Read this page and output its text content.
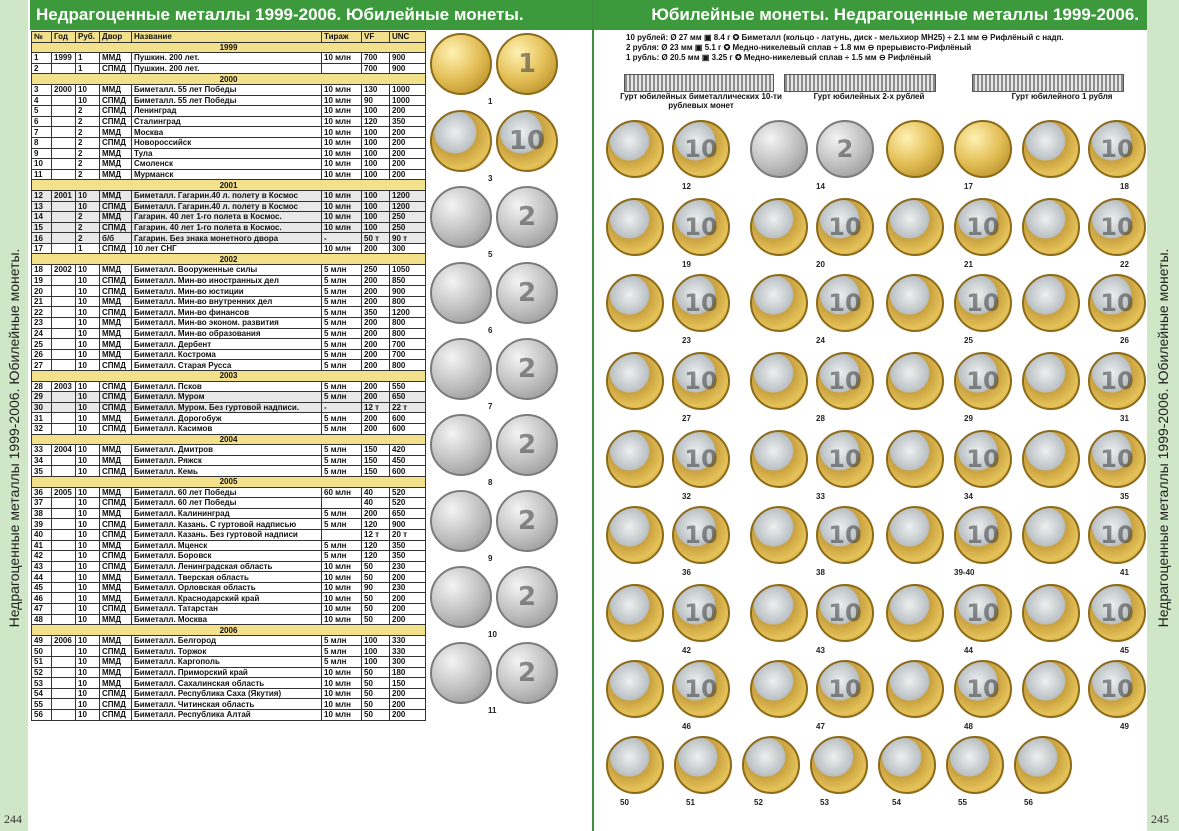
Недрагоценные металлы 1999-2006. Юбилейные монеты.
№	Год	Руб.	Двор	Название	Тираж	VF	UNC
1999							
1	1999	1	ММД	Пушкин. 200 лет.	10 млн	700	900
2		1	СПМД	Пушкин. 200 лет.		700	900
2000							
3	2000	10	ММД	Биметалл. 55 лет Победы	10 млн	130	1000
4		10	СПМД	Биметалл. 55 лет Победы	10 млн	90	1000
5		2	СПМД	Ленинград	10 млн	100	200
6		2	СПМД	Сталинград	10 млн	120	350
7		2	ММД	Москва	10 млн	100	200
8		2	СПМД	Новороссийск	10 млн	100	200
9		2	ММД	Тула	10 млн	100	200
10		2	ММД	Смоленск	10 млн	100	200
11		2	ММД	Мурманск	10 млн	100	200
2001							
12	2001	10	ММД	Биметалл. Гагарин.40 л. полету в Космос	10 млн	100	1200
13		10	СПМД	Биметалл. Гагарин.40 л. полету в Космос	10 млн	100	1200
14		2	ММД	Гагарин. 40 лет 1-го полета в Космос.	10 млн	100	250
15		2	СПМД	Гагарин. 40 лет 1-го полета в Космос.	10 млн	100	250
16		2	б/б	Гагарин. Без знака монетного двора	-	50 т	90 т
17		1	СПМД	10 лет СНГ	10 млн	200	300
2002							
18	2002	10	ММД	Биметалл. Вооруженные силы	5 млн	250	1050
19		10	СПМД	Биметалл. Мин-во иностранных дел	5 млн	200	850
20		10	СПМД	Биметалл. Мин-во юстиции	5 млн	200	900
21		10	ММД	Биметалл. Мин-во внутренних дел	5 млн	200	800
22		10	СПМД	Биметалл. Мин-во финансов	5 млн	350	1200
23		10	ММД	Биметалл. Мин-во эконом. развития	5 млн	200	800
24		10	ММД	Биметалл. Мин-во образования	5 млн	200	800
25		10	ММД	Биметалл. Дербент	5 млн	200	700
26		10	ММД	Биметалл. Кострома	5 млн	200	700
27		10	СПМД	Биметалл. Старая Русса	5 млн	200	800
2003							
28	2003	10	СПМД	Биметалл. Псков	5 млн	200	550
29		10	СПМД	Биметалл. Муром	5 млн	200	650
30		10	СПМД	Биметалл. Муром. Без гуртовой надписи.	-	12 т	22 т
31		10	ММД	Биметалл. Дорогобуж	5 млн	200	600
32		10	СПМД	Биметалл. Касимов	5 млн	200	600
2004							
33	2004	10	ММД	Биметалл. Дмитров	5 млн	150	420
34		10	ММД	Биметалл. Ряжск	5 млн	150	450
35		10	СПМД	Биметалл. Кемь	5 млн	150	600
2005							
36	2005	10	ММД	Биметалл. 60 лет Победы	60 млн	40	520
37		10	СПМД	Биметалл. 60 лет Победы		40	520
38		10	ММД	Биметалл. Калининград	5 млн	200	650
39		10	СПМД	Биметалл. Казань. С гуртовой надписью	5 млн	120	900
40		10	СПМД	Биметалл. Казань. Без гуртовой надписи		12 т	20 т
41		10	ММД	Биметалл. Мценск	5 млн	120	350
42		10	СПМД	Биметалл. Боровск	5 млн	120	350
43		10	СПМД	Биметалл. Ленинградская область	10 млн	50	230
44		10	ММД	Биметалл. Тверская область	10 млн	50	200
45		10	ММД	Биметалл. Орловская область	10 млн	90	230
46		10	ММД	Биметалл. Краснодарский край	10 млн	50	200
47		10	СПМД	Биметалл. Татарстан	10 млн	50	200
48		10	ММД	Биметалл. Москва	10 млн	50	200
2006							
49	2006	10	ММД	Биметалл. Белгород	5 млн	100	330
50		10	СПМД	Биметалл. Торжок	5 млн	100	330
51		10	ММД	Биметалл. Каргополь	5 млн	100	300
52		10	ММД	Биметалл. Приморский край	10 млн	50	180
53		10	ММД	Биметалл. Сахалинская область	10 млн	50	150
54		10	СПМД	Биметалл. Республика Саха (Якутия)	10 млн	50	200
55		10	СПМД	Биметалл. Читинская область	10 млн	50	200
56		10	СПМД	Биметалл. Республика Алтай	10 млн	50	200
1
1
10
3
2
5
2
6
2
7
2
8
2
9
2
10
2
11
244
Недрагоценные металлы 1999-2006. Юбилейные монеты.
Юбилейные монеты. Недрагоценные металлы 1999-2006.
10 рублей: Ø 27 мм ▣ 8.4 г ✪ Биметалл (кольцо - латунь, диск - мельхиор МН25) ÷ 2.1 мм ⊖ Рифлёный с надп.
2 рубля: Ø 23 мм ▣ 5.1 г ✪ Медно-никелевый сплав ÷ 1.8 мм ⊖ прерывисто-Рифлёный
1 рубль: Ø 20.5 мм ▣ 3.25 г ✪ Медно-никелевый сплав ÷ 1.5 мм ⊖ Рифлёный
Гурт юбилейных биметаллических 10-ти рублевых монет
Гурт юбилейных 2-х рублей	Гурт юбилейного 1 рубля
10	2	10
10	10	10	10
10	10	10	10
10	10	10	10
10	10	10	10
10	10	10	10
10	10	10	10
10	10	10	10
12	14	17	18
19	20	21	22
23	24	25	26
27	28	29	31
32	33	34	35
36	38	39-40	41
42	43	44	45
46	47	48	49
50	51	52	53	54	55	56
245
Недрагоценные металлы 1999-2006. Юбилейные монеты.
